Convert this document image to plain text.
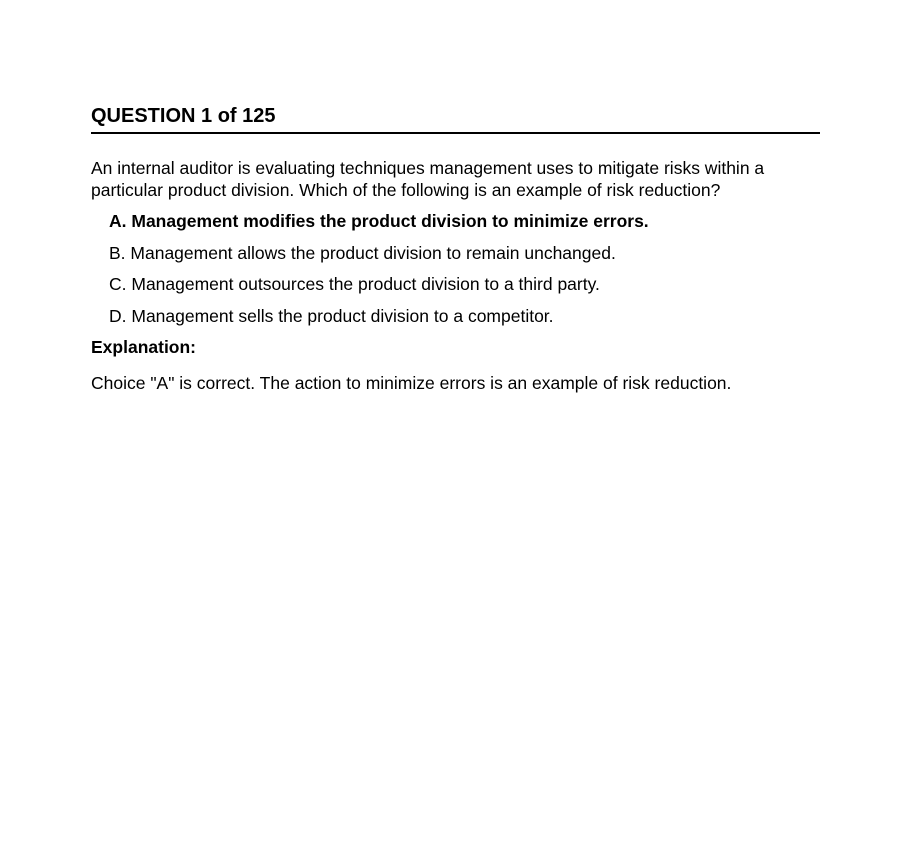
QUESTION 1 of 125
An internal auditor is evaluating techniques management uses to mitigate risks within a particular product division. Which of the following is an example of risk reduction?
A. Management modifies the product division to minimize errors.
B. Management allows the product division to remain unchanged.
C. Management outsources the product division to a third party.
D. Management sells the product division to a competitor.
Explanation:
Choice "A" is correct. The action to minimize errors is an example of risk reduction.
